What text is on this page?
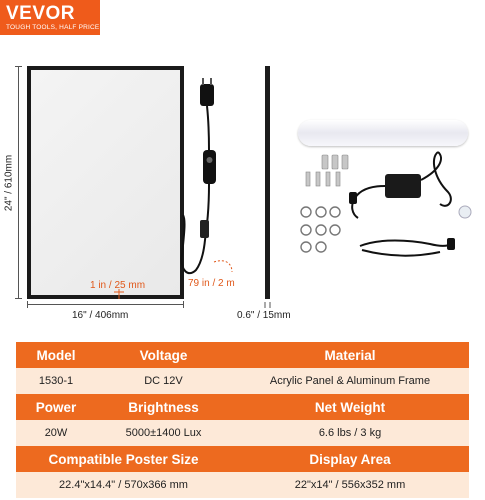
VEVOR
TOUGH TOOLS, HALF PRICE
24" / 610mm
16" / 406mm	0.6" / 15mm
1 in / 25 mm	79 in / 2 m
Model	Voltage	Material
1530-1	DC 12V	Acrylic Panel & Aluminum Frame
Power	Brightness	Net Weight
20W	5000±1400 Lux	6.6 lbs / 3 kg
Compatible Poster Size	Display Area
22.4"x14.4" / 570x366 mm	22"x14" / 556x352 mm
